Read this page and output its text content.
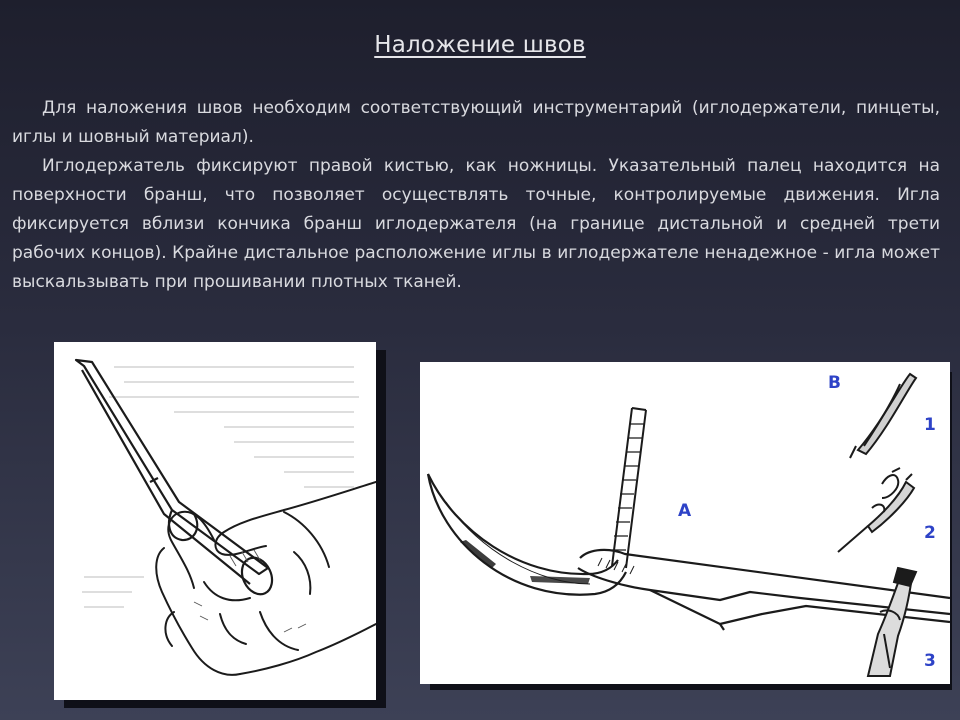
Наложение швов

Для наложения швов необходим соответствующий инструментарий (иглодержатели, пинцеты, иглы и шовный материал).

Иглодержатель фиксируют правой кистью, как ножницы. Указательный палец находится на поверхности бранш, что позволяет осуществлять точные, контролируемые движения. Игла фиксируется вблизи кончика бранш иглодержателя (на границе дистальной и средней трети рабочих концов). Крайне дистальное расположение иглы в иглодержателе ненадежное - игла может выскальзывать при прошивании плотных тканей.

A
B
1
2
3
